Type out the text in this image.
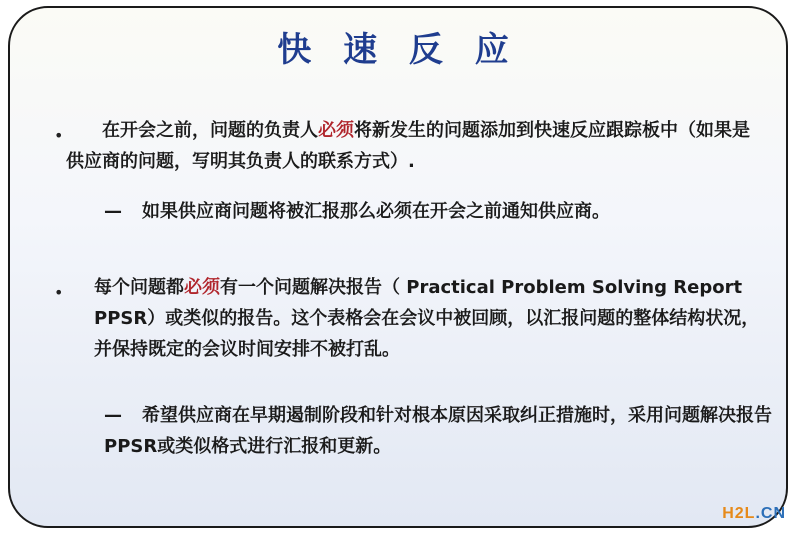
快 速 反 应
•	在开会之前，问题的负责人必须将新发生的问题添加到快速反应跟踪板中（如果是供应商的问题，写明其负责人的联系方式）.

— 如果供应商问题将被汇报那么必须在开会之前通知供应商。

• 每个问题都必须有一个问题解决报告（ Practical Problem Solving Report PPSR）或类似的报告。这个表格会在会议中被回顾，以汇报问题的整体结构状况，并保持既定的会议时间安排不被打乱。

— 希望供应商在早期遏制阶段和针对根本原因采取纠正措施时，采用问题解决报告PPSR或类似格式进行汇报和更新。

H2L.CN
